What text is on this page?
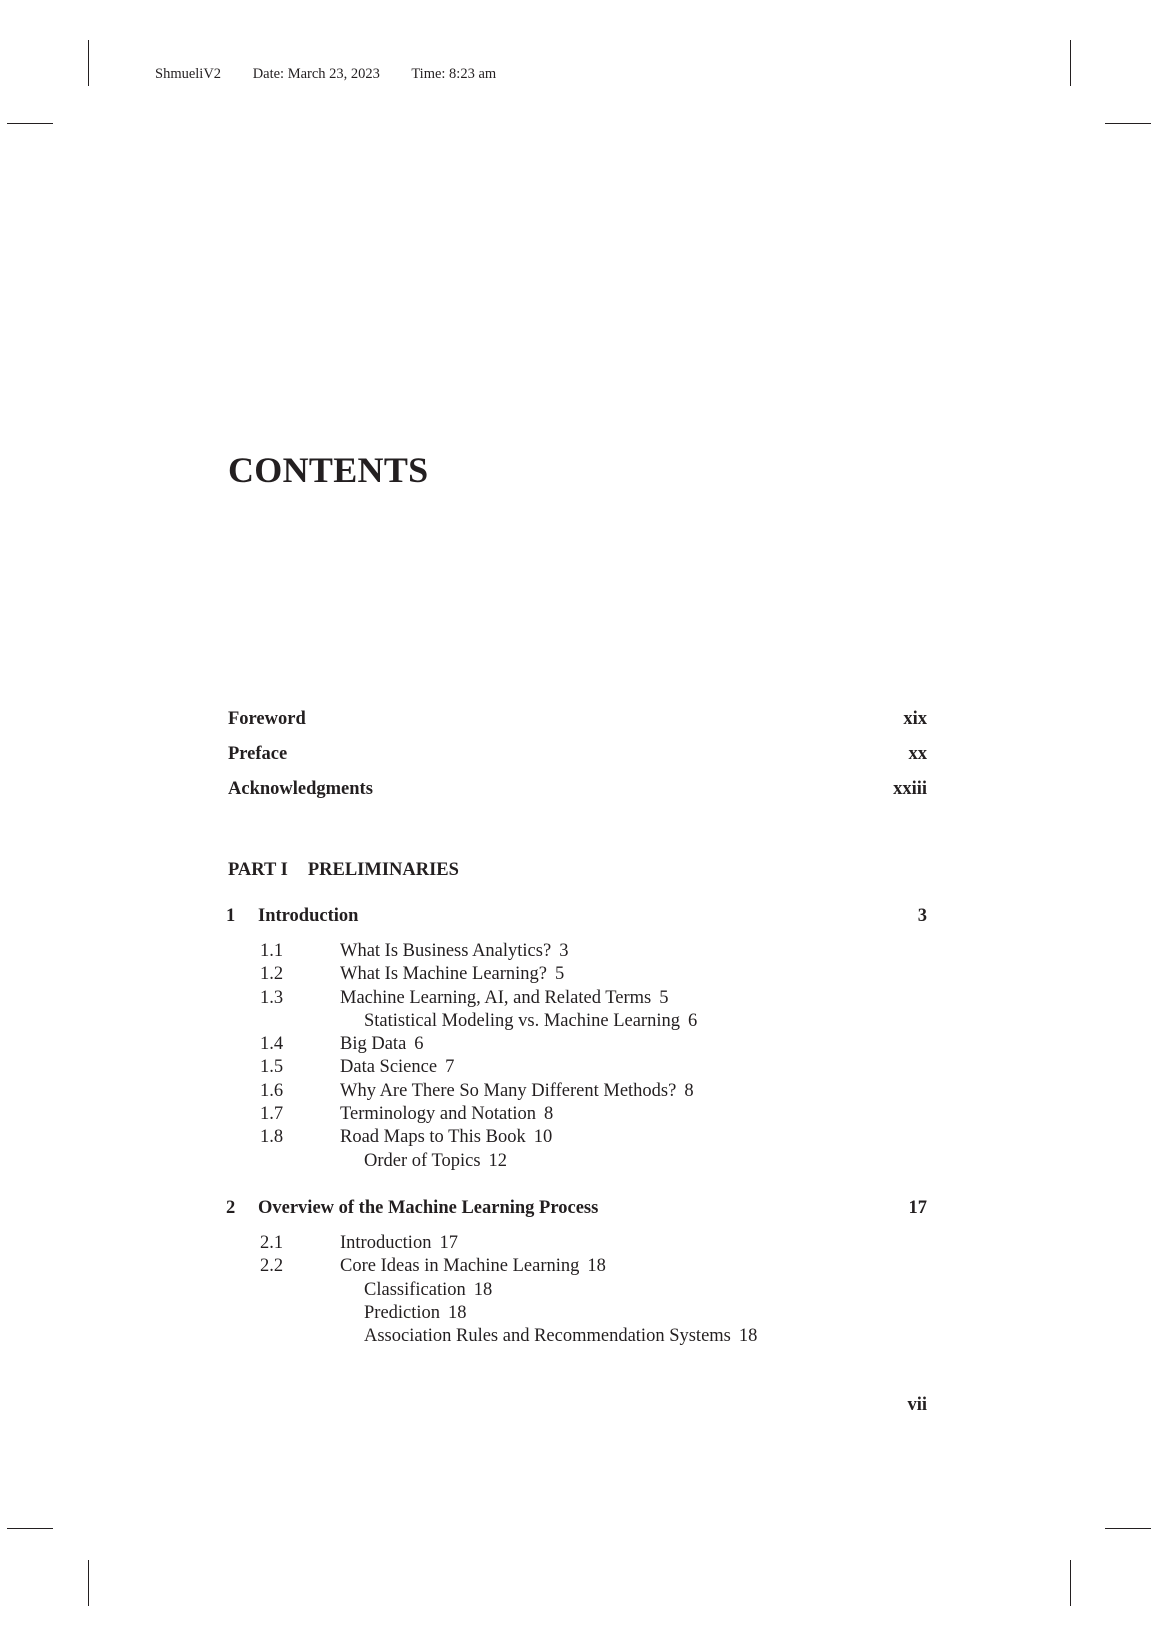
ShmueliV2 Date: March 23, 2023 Time: 8:23 am
CONTENTS
Foreword	xix
Preface	xx
Acknowledgments	xxiii
PART I PRELIMINARIES
1	Introduction	3
1.1	What Is Business Analytics? 3
1.2	What Is Machine Learning? 5
1.3	Machine Learning, AI, and Related Terms 5
Statistical Modeling vs. Machine Learning 6
1.4	Big Data 6
1.5	Data Science 7
1.6	Why Are There So Many Different Methods? 8
1.7	Terminology and Notation 8
1.8	Road Maps to This Book 10
Order of Topics 12
2	Overview of the Machine Learning Process	17
2.1	Introduction 17
2.2	Core Ideas in Machine Learning 18
Classification 18
Prediction 18
Association Rules and Recommendation Systems 18
vii
